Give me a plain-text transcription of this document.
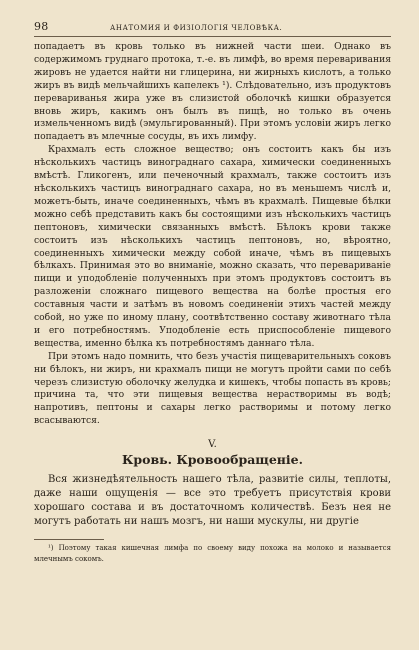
98	АНАТОМИЯ И ФИЗІОЛОГІЯ ЧЕЛОВѢКА.

попадаетъ въ кровь только въ нижней части шеи. Однако въ содержимомъ груднаго протока, т.-е. въ лимфѣ, во время переваривания жировъ не удается найти ни глицерина, ни жирныхъ кислотъ, а только жиръ въ видѣ мельчайшихъ капелекъ ¹). Слѣдовательно, изъ продуктовъ перевариванья жира уже въ слизистой оболочкѣ кишки образуется вновь жиръ, какимъ онъ былъ въ пищѣ, но только въ очень измельченномъ видѣ (эмульгированный). При этомъ условіи жиръ легко попадаетъ въ млечные сосуды, въ ихъ лимфу.

Крахмалъ есть сложное вещество; онъ состоитъ какъ бы изъ нѣсколькихъ частицъ винограднаго сахара, химически соединенныхъ вмѣстѣ. Гликогенъ, или печеночный крахмалъ, также состоитъ изъ нѣсколькихъ частицъ винограднаго сахара, но въ меньшемъ числѣ и, можетъ-быть, иначе соединенныхъ, чѣмъ въ крахмалѣ. Пищевые бѣлки можно себѣ представить какъ бы состоящими изъ нѣсколькихъ частицъ пептоновъ, химически связанныхъ вмѣстѣ. Бѣлокъ крови также состоитъ изъ нѣсколькихъ частицъ пептоновъ, но, вѣроятно, соединенныхъ химически между собой иначе, чѣмъ въ пищевыхъ бѣлкахъ. Принимая это во вниманіе, можно сказать, что перевариваніе пищи и уподобленіе полученныхъ при этомъ продуктовъ состоитъ въ разложеніи сложнаго пищевого вещества на болѣе простыя его составныя части и затѣмъ въ новомъ соединеніи этихъ частей между собой, но уже по иному плану, соотвѣтственно составу животнаго тѣла и его потребностямъ. Уподобленіе есть приспособленіе пищевого вещества, именно бѣлка къ потребностямъ даннаго тѣла.

При этомъ надо помнить, что безъ участія пищеварительныхъ соковъ ни бѣлокъ, ни жиръ, ни крахмалъ пищи не могутъ пройти сами по себѣ черезъ слизистую оболочку желудка и кишекъ, чтобы попасть въ кровь; причина та, что эти пищевыя вещества нерастворимы въ водѣ; напротивъ, пептоны и сахары легко растворимы и потому легко всасываются.

V.
Кровь. Кровообращеніе.

Вся жизнедѣятельность нашего тѣла, развитіе силы, теплоты, даже наши ощущенія — все это требуетъ присутствія крови хорошаго состава и въ достаточномъ количествѣ. Безъ нея не могутъ работать ни нашъ мозгъ, ни наши мускулы, ни другіе

¹) Поэтому такая кишечная лимфа по своему виду похожа на молоко и называется млечнымъ сокомъ.
